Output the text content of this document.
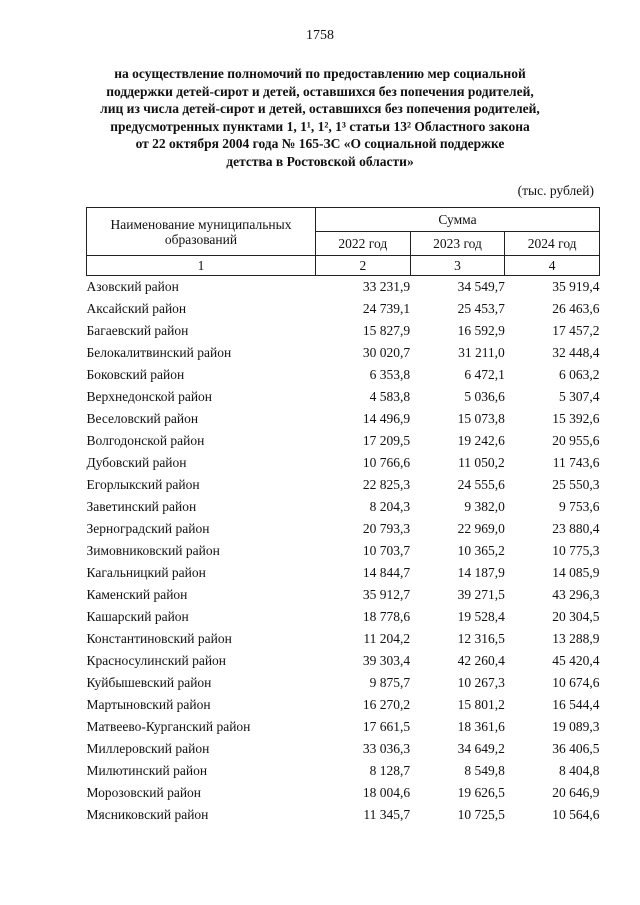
1758
на осуществление полномочий по предоставлению мер социальной
поддержки детей-сирот и детей, оставшихся без попечения родителей,
лиц из числа детей-сирот и детей, оставшихся без попечения родителей,
предусмотренных пунктами 1, 1¹, 1², 1³ статьи 13² Областного закона
от 22 октября 2004 года № 165-ЗС «О социальной поддержке
детства в Ростовской области»
(тыс. рублей)
Наименование муниципальных образований	Сумма		
	2022 год	2023 год	2024 год
1	2	3	4
Азовский район	33 231,9	34 549,7	35 919,4
Аксайский район	24 739,1	25 453,7	26 463,6
Багаевский район	15 827,9	16 592,9	17 457,2
Белокалитвинский район	30 020,7	31 211,0	32 448,4
Боковский район	6 353,8	6 472,1	6 063,2
Верхнедонской район	4 583,8	5 036,6	5 307,4
Веселовский район	14 496,9	15 073,8	15 392,6
Волгодонской район	17 209,5	19 242,6	20 955,6
Дубовский район	10 766,6	11 050,2	11 743,6
Егорлыкский район	22 825,3	24 555,6	25 550,3
Заветинский район	8 204,3	9 382,0	9 753,6
Зерноградский район	20 793,3	22 969,0	23 880,4
Зимовниковский район	10 703,7	10 365,2	10 775,3
Кагальницкий район	14 844,7	14 187,9	14 085,9
Каменский район	35 912,7	39 271,5	43 296,3
Кашарский район	18 778,6	19 528,4	20 304,5
Константиновский район	11 204,2	12 316,5	13 288,9
Красносулинский район	39 303,4	42 260,4	45 420,4
Куйбышевский район	9 875,7	10 267,3	10 674,6
Мартыновский район	16 270,2	15 801,2	16 544,4
Матвеево-Курганский район	17 661,5	18 361,6	19 089,3
Миллеровский район	33 036,3	34 649,2	36 406,5
Милютинский район	8 128,7	8 549,8	8 404,8
Морозовский район	18 004,6	19 626,5	20 646,9
Мясниковский район	11 345,7	10 725,5	10 564,6
